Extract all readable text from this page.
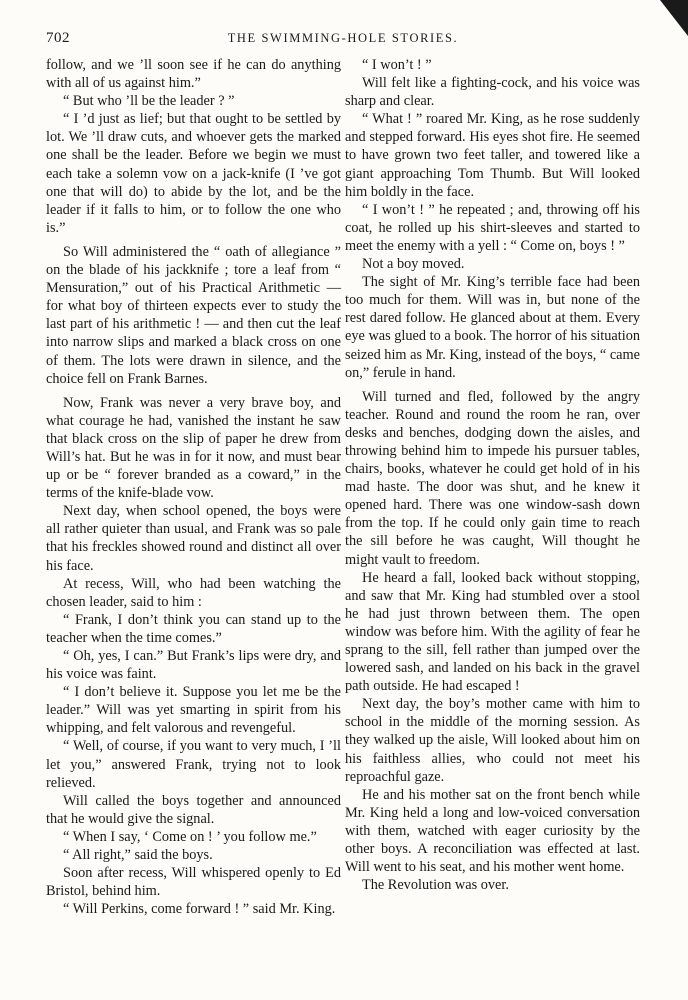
702	THE SWIMMING-HOLE STORIES.

follow, and we ’ll soon see if he can do anything with all of us against him.”

“ But who ’ll be the leader ? ”

“ I ’d just as lief; but that ought to be settled by lot. We ’ll draw cuts, and whoever gets the marked one shall be the leader. Before we begin we must each take a solemn vow on a jack-knife (I ’ve got one that will do) to abide by the lot, and be the leader if it falls to him, or to follow the one who is.”

So Will administered the “ oath of allegiance ” on the blade of his jackknife ; tore a leaf from “ Mensuration,” out of his Practical Arithmetic — for what boy of thirteen expects ever to study the last part of his arithmetic ! — and then cut the leaf into narrow slips and marked a black cross on one of them. The lots were drawn in silence, and the choice fell on Frank Barnes.

Now, Frank was never a very brave boy, and what courage he had, vanished the instant he saw that black cross on the slip of paper he drew from Will’s hat. But he was in for it now, and must bear up or be “ forever branded as a coward,” in the terms of the knife-blade vow.

Next day, when school opened, the boys were all rather quieter than usual, and Frank was so pale that his freckles showed round and distinct all over his face.

At recess, Will, who had been watching the chosen leader, said to him :

“ Frank, I don’t think you can stand up to the teacher when the time comes.”

“ Oh, yes, I can.” But Frank’s lips were dry, and his voice was faint.

“ I don’t believe it. Suppose you let me be the leader.” Will was yet smarting in spirit from his whipping, and felt valorous and revengeful.

“ Well, of course, if you want to very much, I ’ll let you,” answered Frank, trying not to look relieved.

Will called the boys together and announced that he would give the signal.

“ When I say, ‘ Come on ! ’ you follow me.”

“ All right,” said the boys.

Soon after recess, Will whispered openly to Ed Bristol, behind him.

“ Will Perkins, come forward ! ” said Mr. King.

“ I won’t ! ”

Will felt like a fighting-cock, and his voice was sharp and clear.

“ What ! ” roared Mr. King, as he rose suddenly and stepped forward. His eyes shot fire. He seemed to have grown two feet taller, and towered like a giant approaching Tom Thumb. But Will looked him boldly in the face.

“ I won’t ! ” he repeated ; and, throwing off his coat, he rolled up his shirt-sleeves and started to meet the enemy with a yell : “ Come on, boys ! ”

Not a boy moved.

The sight of Mr. King’s terrible face had been too much for them. Will was in, but none of the rest dared follow. He glanced about at them. Every eye was glued to a book. The horror of his situation seized him as Mr. King, instead of the boys, “ came on,” ferule in hand.

Will turned and fled, followed by the angry teacher. Round and round the room he ran, over desks and benches, dodging down the aisles, and throwing behind him to impede his pursuer tables, chairs, books, whatever he could get hold of in his mad haste. The door was shut, and he knew it opened hard. There was one window-sash down from the top. If he could only gain time to reach the sill before he was caught, Will thought he might vault to freedom.

He heard a fall, looked back without stopping, and saw that Mr. King had stumbled over a stool he had just thrown between them. The open window was before him. With the agility of fear he sprang to the sill, fell rather than jumped over the lowered sash, and landed on his back in the gravel path outside. He had escaped !

Next day, the boy’s mother came with him to school in the middle of the morning session. As they walked up the aisle, Will looked about him on his faithless allies, who could not meet his reproachful gaze.

He and his mother sat on the front bench while Mr. King held a long and low-voiced conversation with them, watched with eager curiosity by the other boys. A reconciliation was effected at last. Will went to his seat, and his mother went home.

The Revolution was over.
